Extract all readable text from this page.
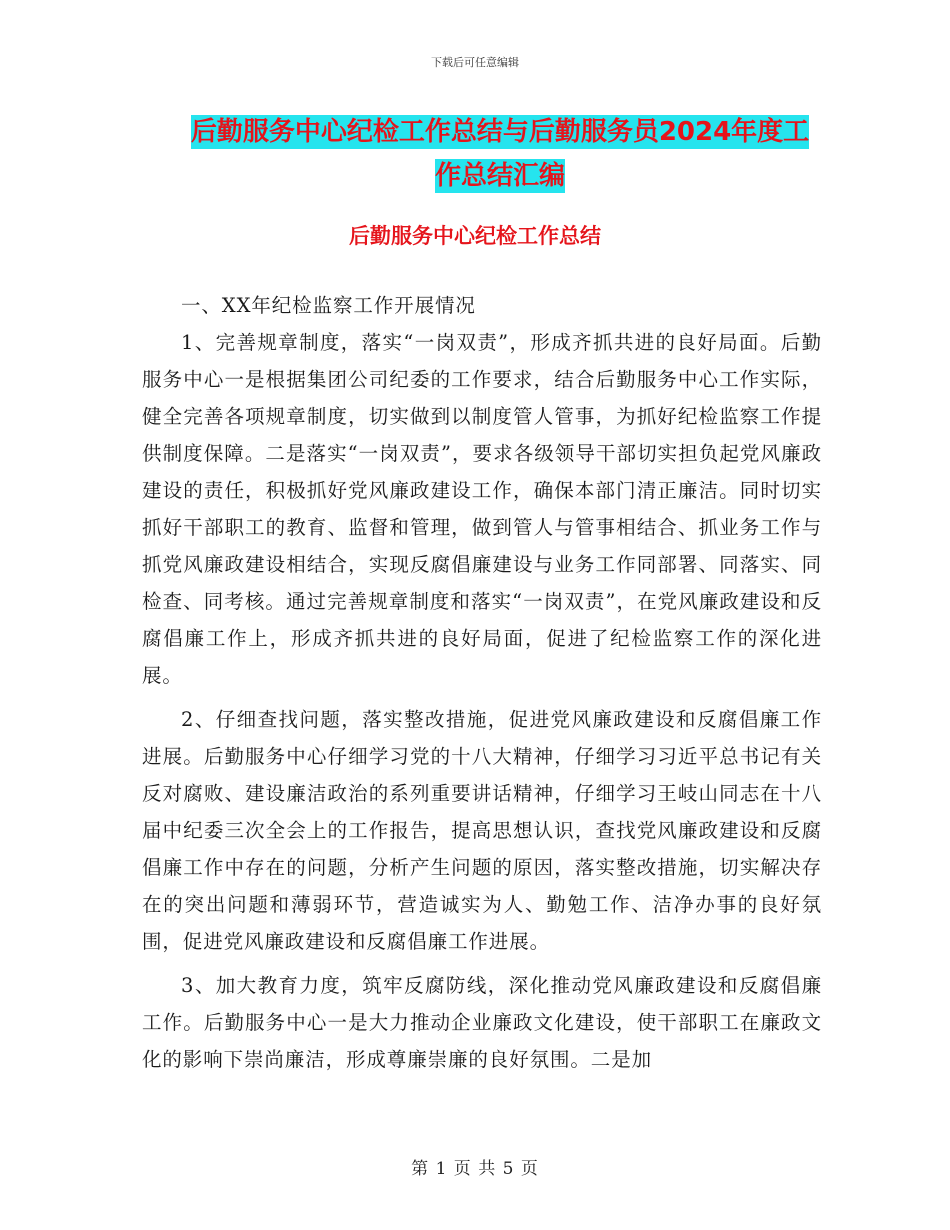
下载后可任意编辑
后勤服务中心纪检工作总结与后勤服务员2024年度工
作总结汇编
后勤服务中心纪检工作总结

一、XX年纪检监察工作开展情况

1、完善规章制度，落实“一岗双责”，形成齐抓共进的良好局面。后勤服务中心一是根据集团公司纪委的工作要求，结合后勤服务中心工作实际，健全完善各项规章制度，切实做到以制度管人管事，为抓好纪检监察工作提供制度保障。二是落实“一岗双责”，要求各级领导干部切实担负起党风廉政建设的责任，积极抓好党风廉政建设工作，确保本部门清正廉洁。同时切实抓好干部职工的教育、监督和管理，做到管人与管事相结合、抓业务工作与抓党风廉政建设相结合，实现反腐倡廉建设与业务工作同部署、同落实、同检查、同考核。通过完善规章制度和落实“一岗双责”，在党风廉政建设和反腐倡廉工作上，形成齐抓共进的良好局面，促进了纪检监察工作的深化进展。

2、仔细查找问题，落实整改措施，促进党风廉政建设和反腐倡廉工作进展。后勤服务中心仔细学习党的十八大精神，仔细学习习近平总书记有关反对腐败、建设廉洁政治的系列重要讲话精神，仔细学习王岐山同志在十八届中纪委三次全会上的工作报告，提高思想认识，查找党风廉政建设和反腐倡廉工作中存在的问题，分析产生问题的原因，落实整改措施，切实解决存在的突出问题和薄弱环节，营造诚实为人、勤勉工作、洁净办事的良好氛围，促进党风廉政建设和反腐倡廉工作进展。

3、加大教育力度，筑牢反腐防线，深化推动党风廉政建设和反腐倡廉工作。后勤服务中心一是大力推动企业廉政文化建设，使干部职工在廉政文化的影响下崇尚廉洁，形成尊廉崇廉的良好氛围。二是加

第 1 页 共 5 页
